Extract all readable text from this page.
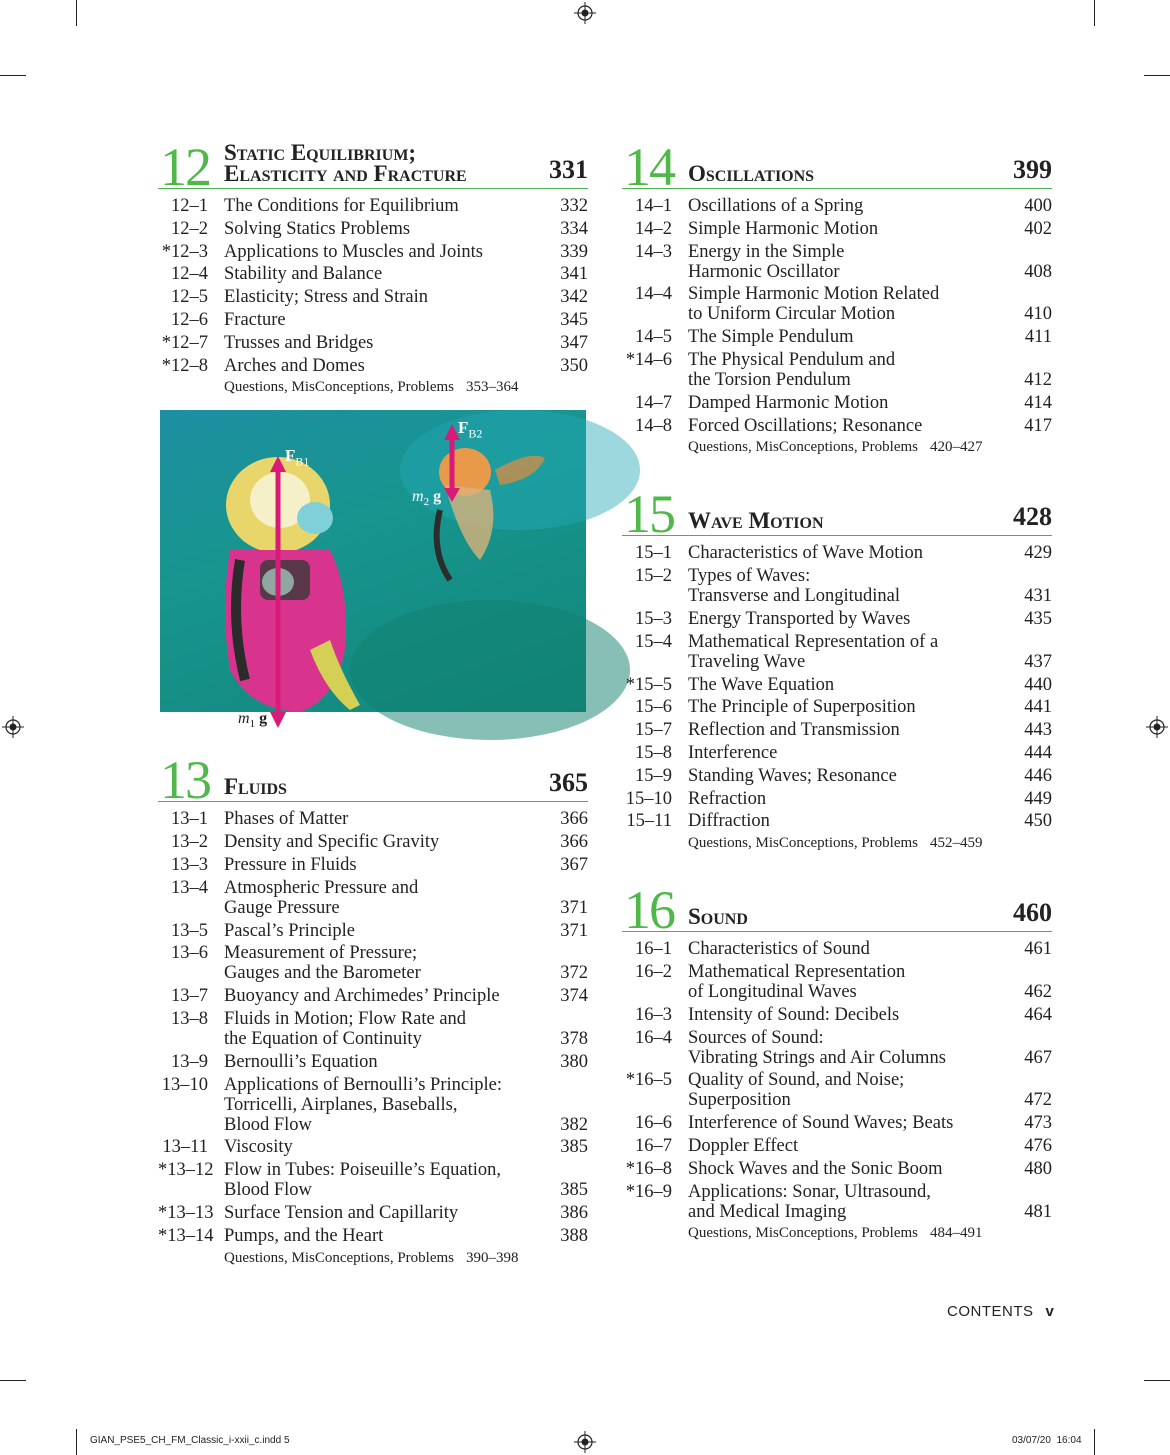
12 Static Equilibrium;
Elasticity and Fracture	331
12–1 The Conditions for Equilibrium	332
12–2 Solving Statics Problems	334
*12–3 Applications to Muscles and Joints	339
12–4 Stability and Balance	341
12–5 Elasticity; Stress and Strain	342
12–6 Fracture	345
*12–7 Trusses and Bridges	347
*12–8 Arches and Domes	350
Questions, MisConceptions, Problems 353–364
$F_{B1}$
$F_{B2}$
$m_2$ g
$m_1$ g
13 Fluids	365
13–1 Phases of Matter	366
13–2 Density and Specific Gravity	366
13–3 Pressure in Fluids	367
13–4 Atmospheric Pressure and
Gauge Pressure	371
13–5 Pascal’s Principle	371
13–6 Measurement of Pressure;
Gauges and the Barometer	372
13–7 Buoyancy and Archimedes’ Principle	374
13–8 Fluids in Motion; Flow Rate and
the Equation of Continuity	378
13–9 Bernoulli’s Equation	380
13–10 Applications of Bernoulli’s Principle:
Torricelli, Airplanes, Baseballs,
Blood Flow	382
13–11 Viscosity	385
*13–12 Flow in Tubes: Poiseuille’s Equation,
Blood Flow	385
*13–13 Surface Tension and Capillarity	386
*13–14 Pumps, and the Heart	388
Questions, MisConceptions, Problems 390–398
14 Oscillations	399
14–1 Oscillations of a Spring	400
14–2 Simple Harmonic Motion	402
14–3 Energy in the Simple
Harmonic Oscillator	408
14–4 Simple Harmonic Motion Related
to Uniform Circular Motion	410
14–5 The Simple Pendulum	411
*14–6 The Physical Pendulum and
the Torsion Pendulum	412
14–7 Damped Harmonic Motion	414
14–8 Forced Oscillations; Resonance	417
Questions, MisConceptions, Problems 420–427
15 Wave Motion	428
15–1 Characteristics of Wave Motion	429
15–2 Types of Waves:
Transverse and Longitudinal	431
15–3 Energy Transported by Waves	435
15–4 Mathematical Representation of a
Traveling Wave	437
*15–5 The Wave Equation	440
15–6 The Principle of Superposition	441
15–7 Reflection and Transmission	443
15–8 Interference	444
15–9 Standing Waves; Resonance	446
15–10 Refraction	449
15–11 Diffraction	450
Questions, MisConceptions, Problems 452–459
16 Sound	460
16–1 Characteristics of Sound	461
16–2 Mathematical Representation
of Longitudinal Waves	462
16–3 Intensity of Sound: Decibels	464
16–4 Sources of Sound:
Vibrating Strings and Air Columns	467
*16–5 Quality of Sound, and Noise;
Superposition	472
16–6 Interference of Sound Waves; Beats	473
16–7 Doppler Effect	476
*16–8 Shock Waves and the Sonic Boom	480
*16–9 Applications: Sonar, Ultrasound,
and Medical Imaging	481
Questions, MisConceptions, Problems 484–491
CONTENTS v
GIAN_PSE5_CH_FM_Classic_i-xxii_c.indd 5	03/07/20 16:04
